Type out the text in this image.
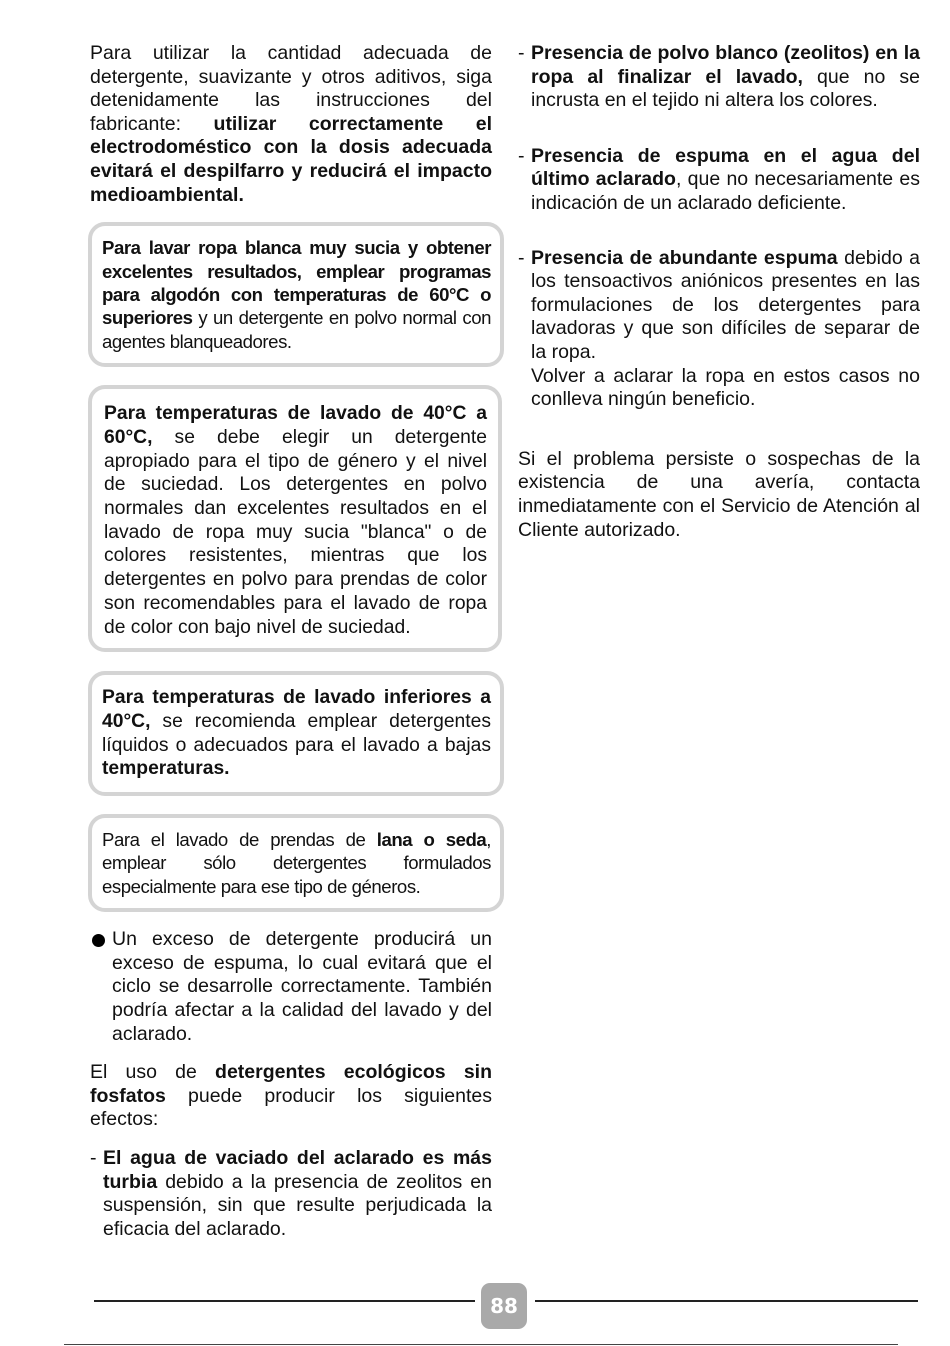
Para utilizar la cantidad adecuada de detergente, suavizante y otros aditivos, siga detenidamente las instrucciones del fabricante: utilizar correctamente el electrodoméstico con la dosis adecuada evitará el despilfarro y reducirá el impacto medioambiental.

Para lavar ropa blanca muy sucia y obtener excelentes resultados, emplear programas para algodón con temperaturas de 60°C o superiores y un detergente en polvo normal con agentes blanqueadores.
Para temperaturas de lavado de 40°C a 60°C, se debe elegir un detergente apropiado para el tipo de género y el nivel de suciedad. Los detergentes en polvo normales dan excelentes resultados en el lavado de ropa muy sucia "blanca" o de colores resistentes, mientras que los detergentes en polvo para prendas de color son recomendables para el lavado de ropa de color con bajo nivel de suciedad.
Para temperaturas de lavado inferiores a 40°C, se recomienda emplear detergentes líquidos o adecuados para el lavado a bajas temperaturas.
Para el lavado de prendas de lana o seda, emplear sólo detergentes formulados especialmente para ese tipo de géneros.
Un exceso de detergente producirá un exceso de espuma, lo cual evitará que el ciclo se desarrolle correctamente. También podría afectar a la calidad del lavado y del aclarado.

El uso de detergentes ecológicos sin fosfatos puede producir los siguientes efectos:

- El agua de vaciado del aclarado es más turbia debido a la presencia de zeolitos en suspensión, sin que resulte perjudicada la eficacia del aclarado.
- Presencia de polvo blanco (zeolitos) en la ropa al finalizar el lavado, que no se incrusta en el tejido ni altera los colores.
- Presencia de espuma en el agua del último aclarado, que no necesariamente es indicación de un aclarado deficiente.
- Presencia de abundante espuma debido a los tensoactivos aniónicos presentes en las formulaciones de los detergentes para lavadoras y que son difíciles de separar de la ropa.
Volver a aclarar la ropa en estos casos no conlleva ningún beneficio.

Si el problema persiste o sospechas de la existencia de una avería, contacta inmediatamente con el Servicio de Atención al Cliente autorizado.

88
